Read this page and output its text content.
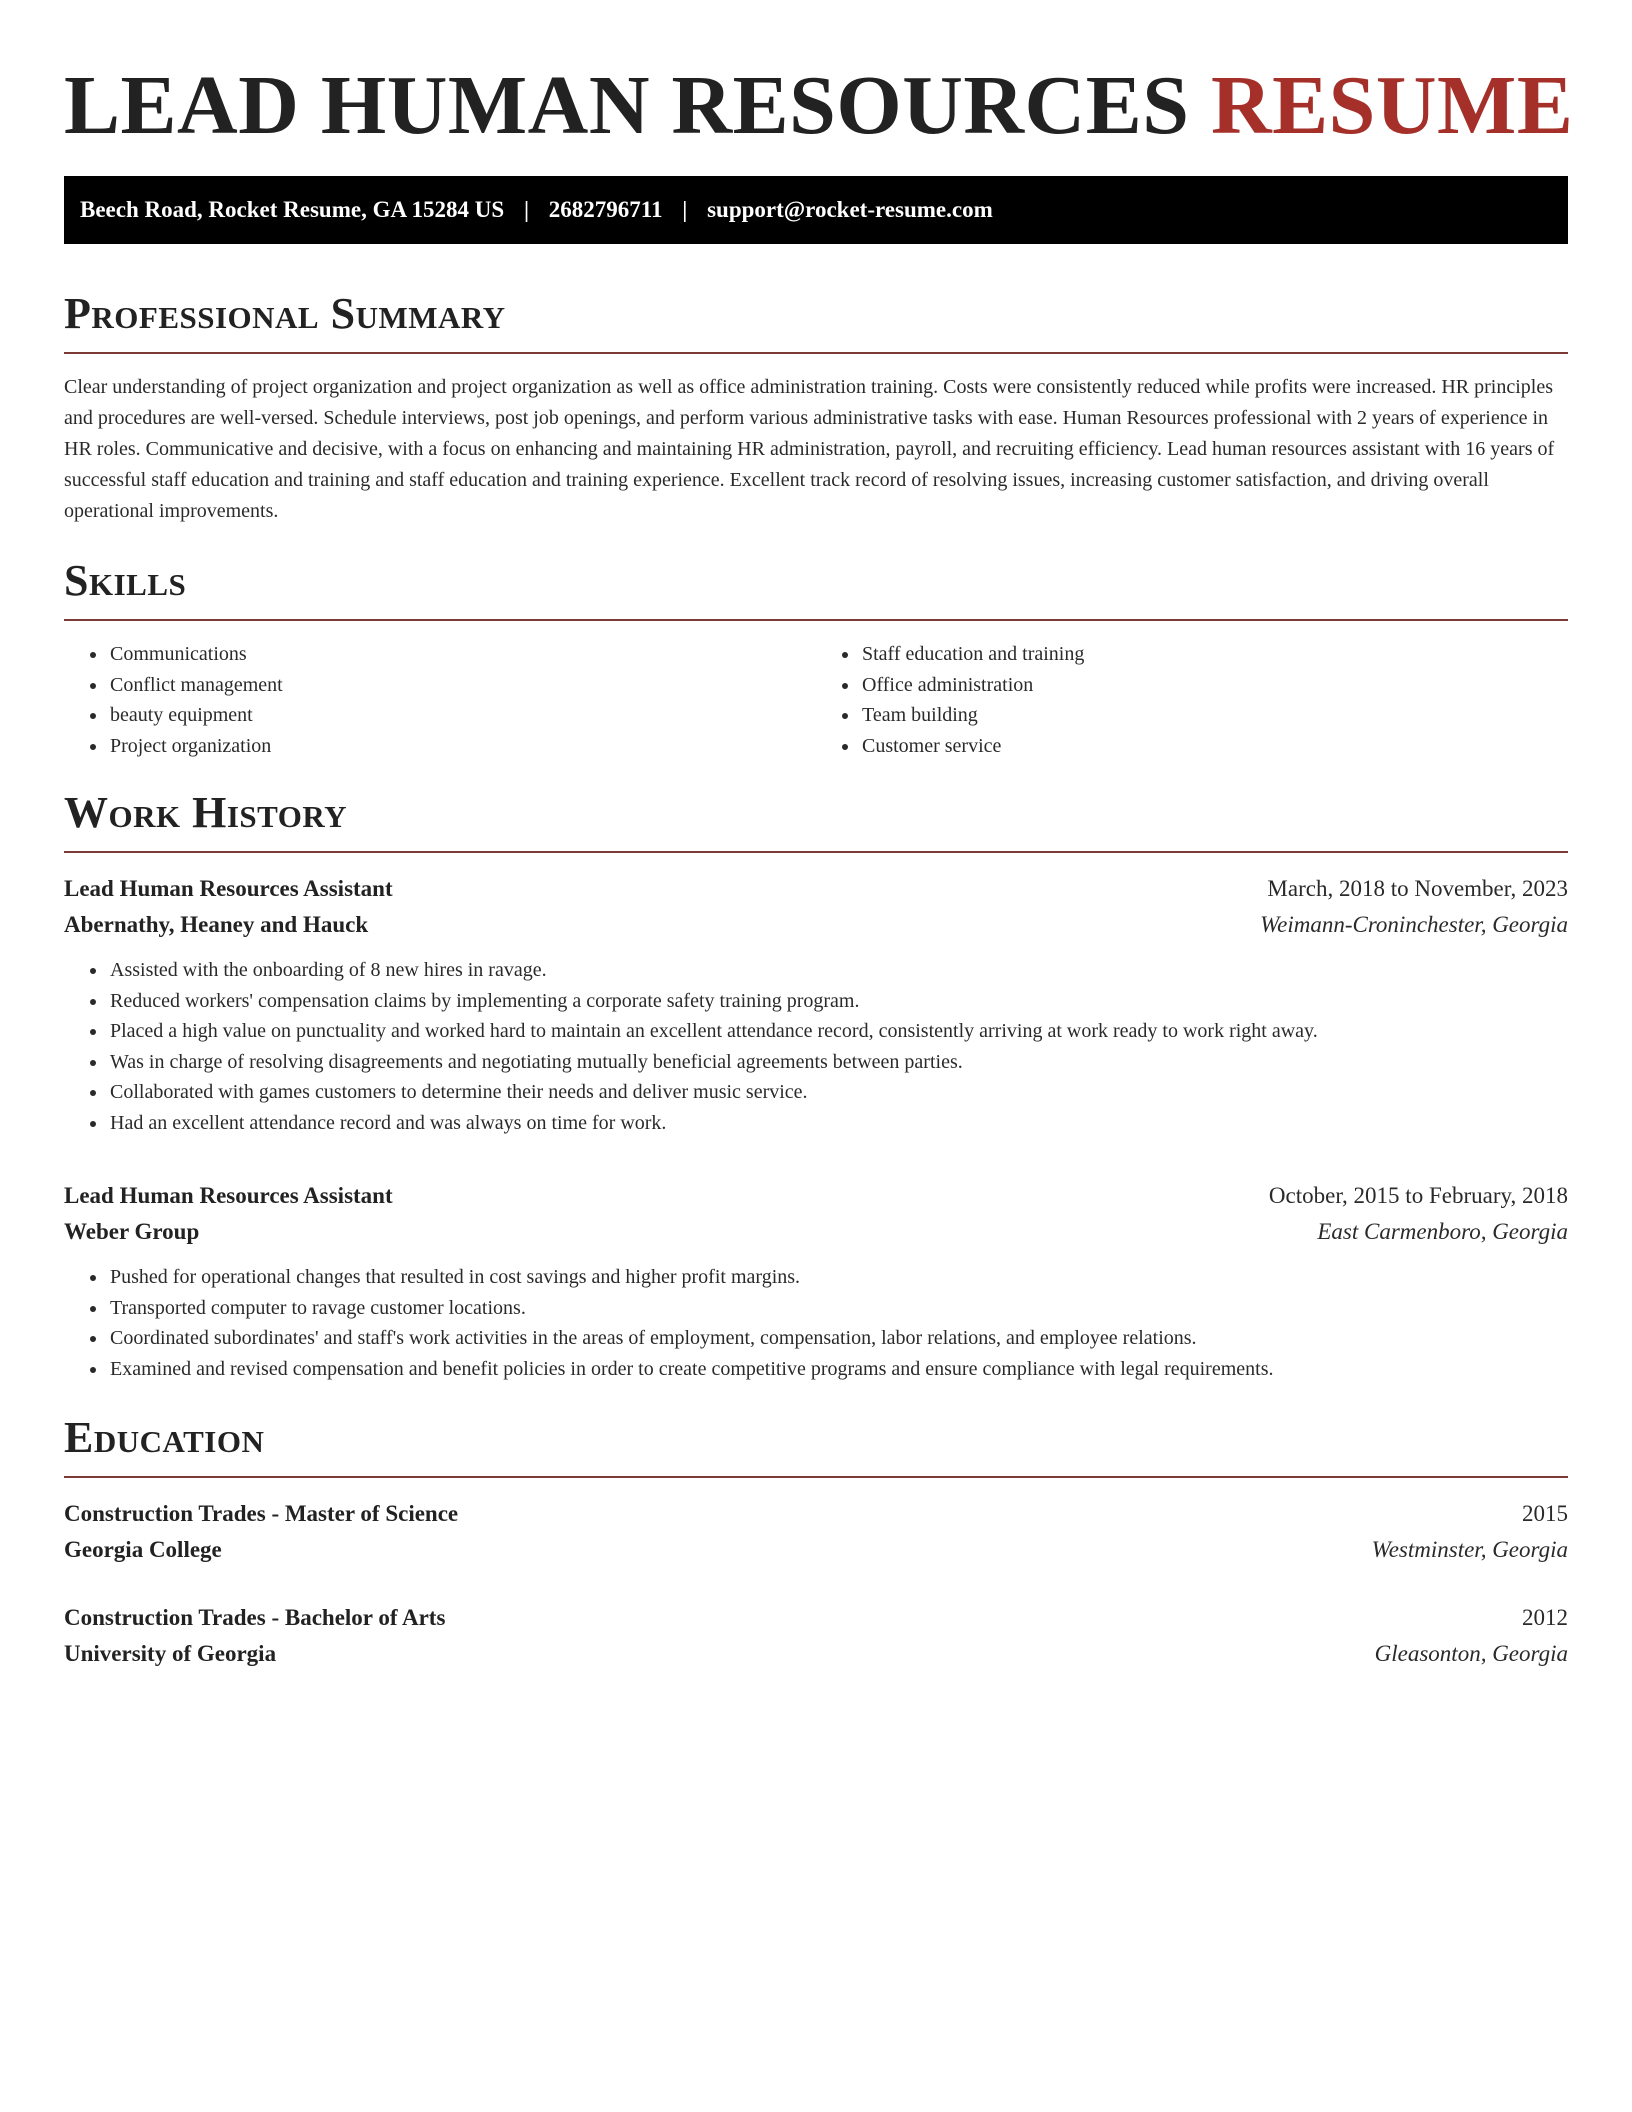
LEAD HUMAN RESOURCES RESUME
Beech Road, Rocket Resume, GA 15284 US | 2682796711 | support@rocket-resume.com
Professional Summary

Clear understanding of project organization and project organization as well as office administration training. Costs were consistently reduced while profits were increased. HR principles and procedures are well-versed. Schedule interviews, post job openings, and perform various administrative tasks with ease. Human Resources professional with 2 years of experience in HR roles. Communicative and decisive, with a focus on enhancing and maintaining HR administration, payroll, and recruiting efficiency. Lead human resources assistant with 16 years of successful staff education and training and staff education and training experience. Excellent track record of resolving issues, increasing customer satisfaction, and driving overall operational improvements.

Skills
• Communications
• Conflict management
• beauty equipment
• Project organization
• Staff education and training
• Office administration
• Team building
• Customer service
Work History
Lead Human Resources Assistant	March, 2018 to November, 2023
Abernathy, Heaney and Hauck	Weimann-Croninchester, Georgia
• Assisted with the onboarding of 8 new hires in ravage.
• Reduced workers' compensation claims by implementing a corporate safety training program.
• Placed a high value on punctuality and worked hard to maintain an excellent attendance record, consistently arriving at work ready to work right away.
• Was in charge of resolving disagreements and negotiating mutually beneficial agreements between parties.
• Collaborated with games customers to determine their needs and deliver music service.
• Had an excellent attendance record and was always on time for work.
Lead Human Resources Assistant	October, 2015 to February, 2018
Weber Group	East Carmenboro, Georgia
• Pushed for operational changes that resulted in cost savings and higher profit margins.
• Transported computer to ravage customer locations.
• Coordinated subordinates' and staff's work activities in the areas of employment, compensation, labor relations, and employee relations.
• Examined and revised compensation and benefit policies in order to create competitive programs and ensure compliance with legal requirements.
Education
Construction Trades - Master of Science	2015
Georgia College	Westminster, Georgia
Construction Trades - Bachelor of Arts	2012
University of Georgia	Gleasonton, Georgia
